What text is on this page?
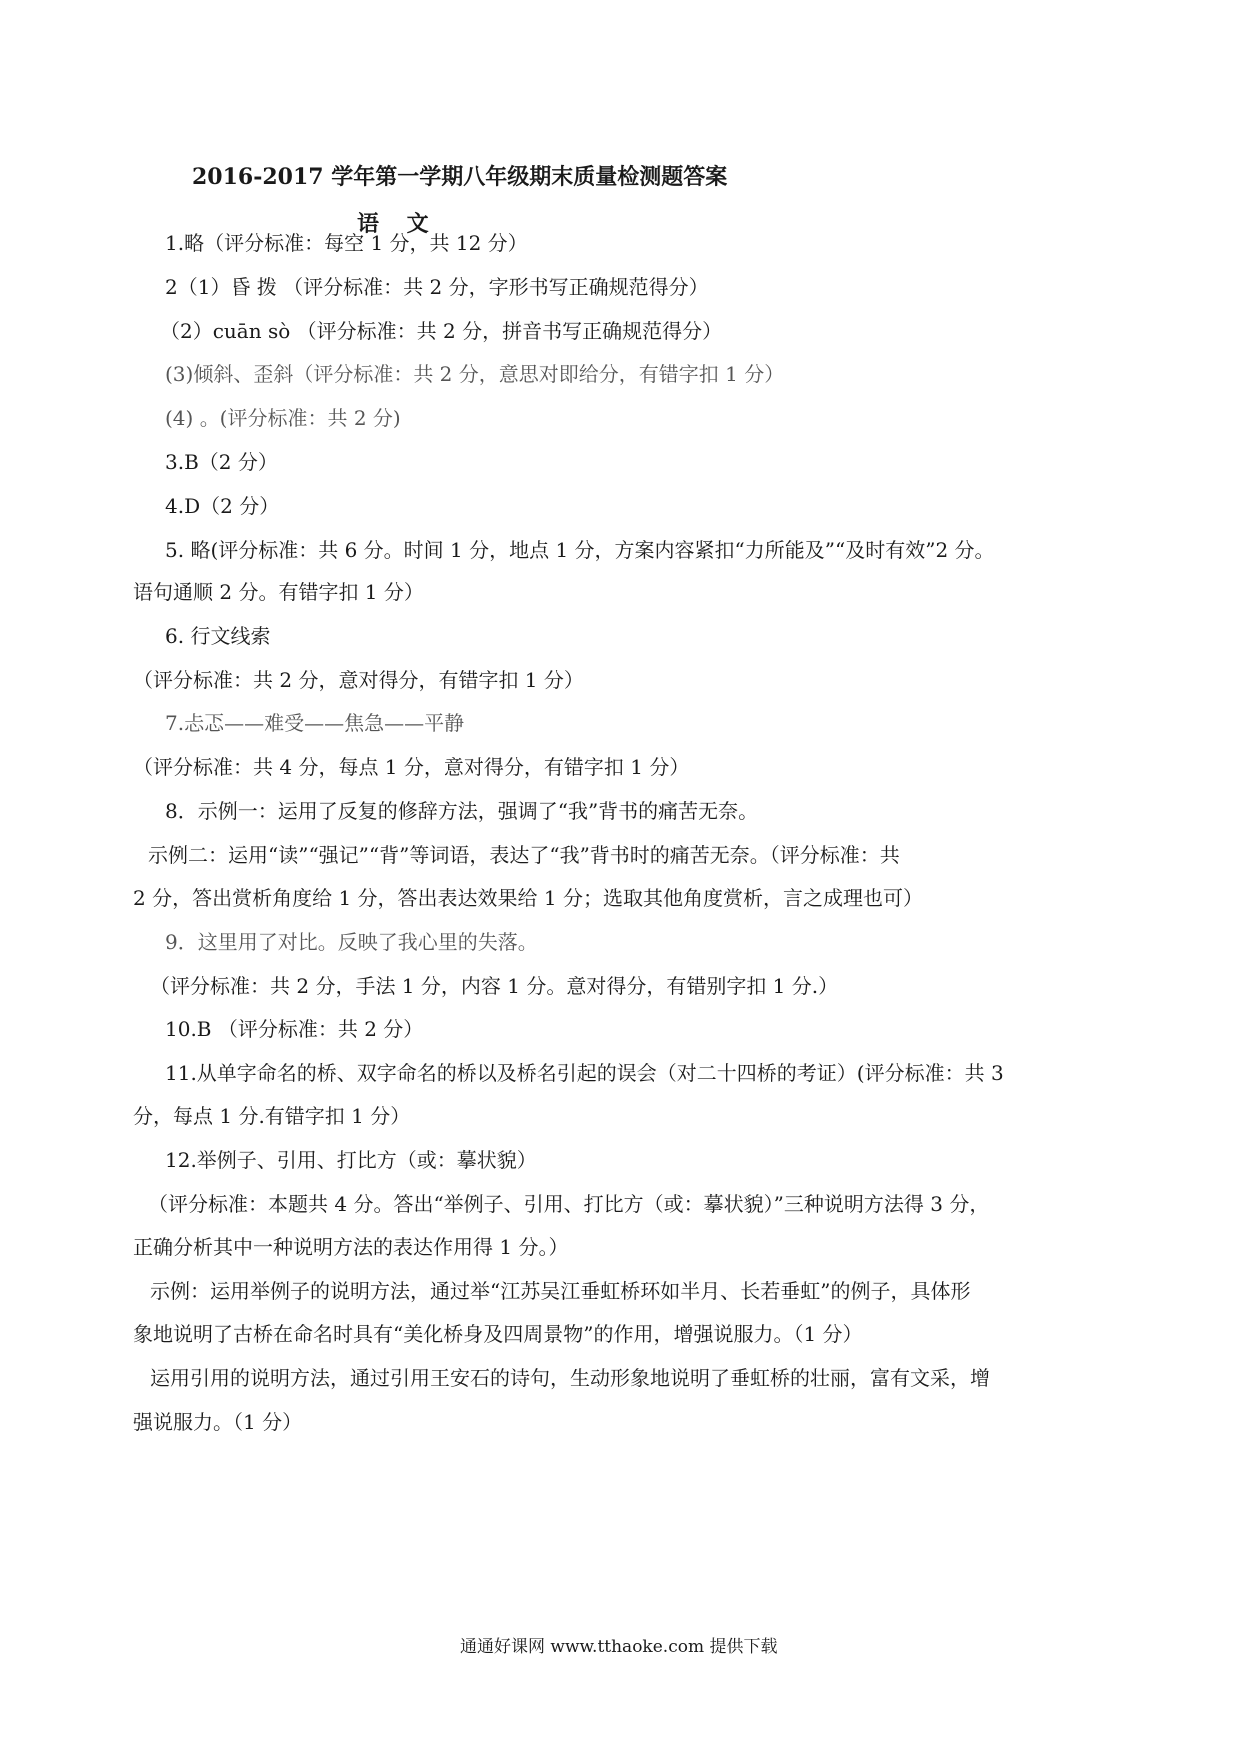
2016-2017 学年第一学期八年级期末质量检测题答案
语 文
1.略（评分标准：每空 1 分，共 12 分）
2（1）昏 拨 （评分标准：共 2 分，字形书写正确规范得分）
（2）cuān sò （评分标准：共 2 分，拼音书写正确规范得分）
(3)倾斜、歪斜（评分标准：共 2 分，意思对即给分，有错字扣 1 分）
(4) 。(评分标准：共 2 分)
3.B（2 分）
4.D（2 分）
5. 略(评分标准：共 6 分。时间 1 分，地点 1 分，方案内容紧扣“力所能及”“及时有效”2 分。
语句通顺 2 分。有错字扣 1 分）
6. 行文线索
（评分标准：共 2 分，意对得分，有错字扣 1 分）
7.忐忑——难受——焦急——平静
（评分标准：共 4 分，每点 1 分，意对得分，有错字扣 1 分）
8．示例一：运用了反复的修辞方法，强调了“我”背书的痛苦无奈。
示例二：运用“读”“强记”“背”等词语，表达了“我”背书时的痛苦无奈。（评分标准：共
2 分，答出赏析角度给 1 分，答出表达效果给 1 分；选取其他角度赏析，言之成理也可）
9．这里用了对比。反映了我心里的失落。
（评分标准：共 2 分，手法 1 分，内容 1 分。意对得分，有错别字扣 1 分.）
10.B （评分标准：共 2 分）
11.从单字命名的桥、双字命名的桥以及桥名引起的误会（对二十四桥的考证）(评分标准：共 3
分，每点 1 分.有错字扣 1 分）
12.举例子、引用、打比方（或：摹状貌）
（评分标准：本题共 4 分。答出“举例子、引用、打比方（或：摹状貌）”三种说明方法得 3 分，
正确分析其中一种说明方法的表达作用得 1 分。）
示例：运用举例子的说明方法，通过举“江苏吴江垂虹桥环如半月、长若垂虹”的例子，具体形
象地说明了古桥在命名时具有“美化桥身及四周景物”的作用，增强说服力。（1 分）
运用引用的说明方法，通过引用王安石的诗句，生动形象地说明了垂虹桥的壮丽，富有文采，增
强说服力。（1 分）
通通好课网 www.tthaoke.com 提供下载
